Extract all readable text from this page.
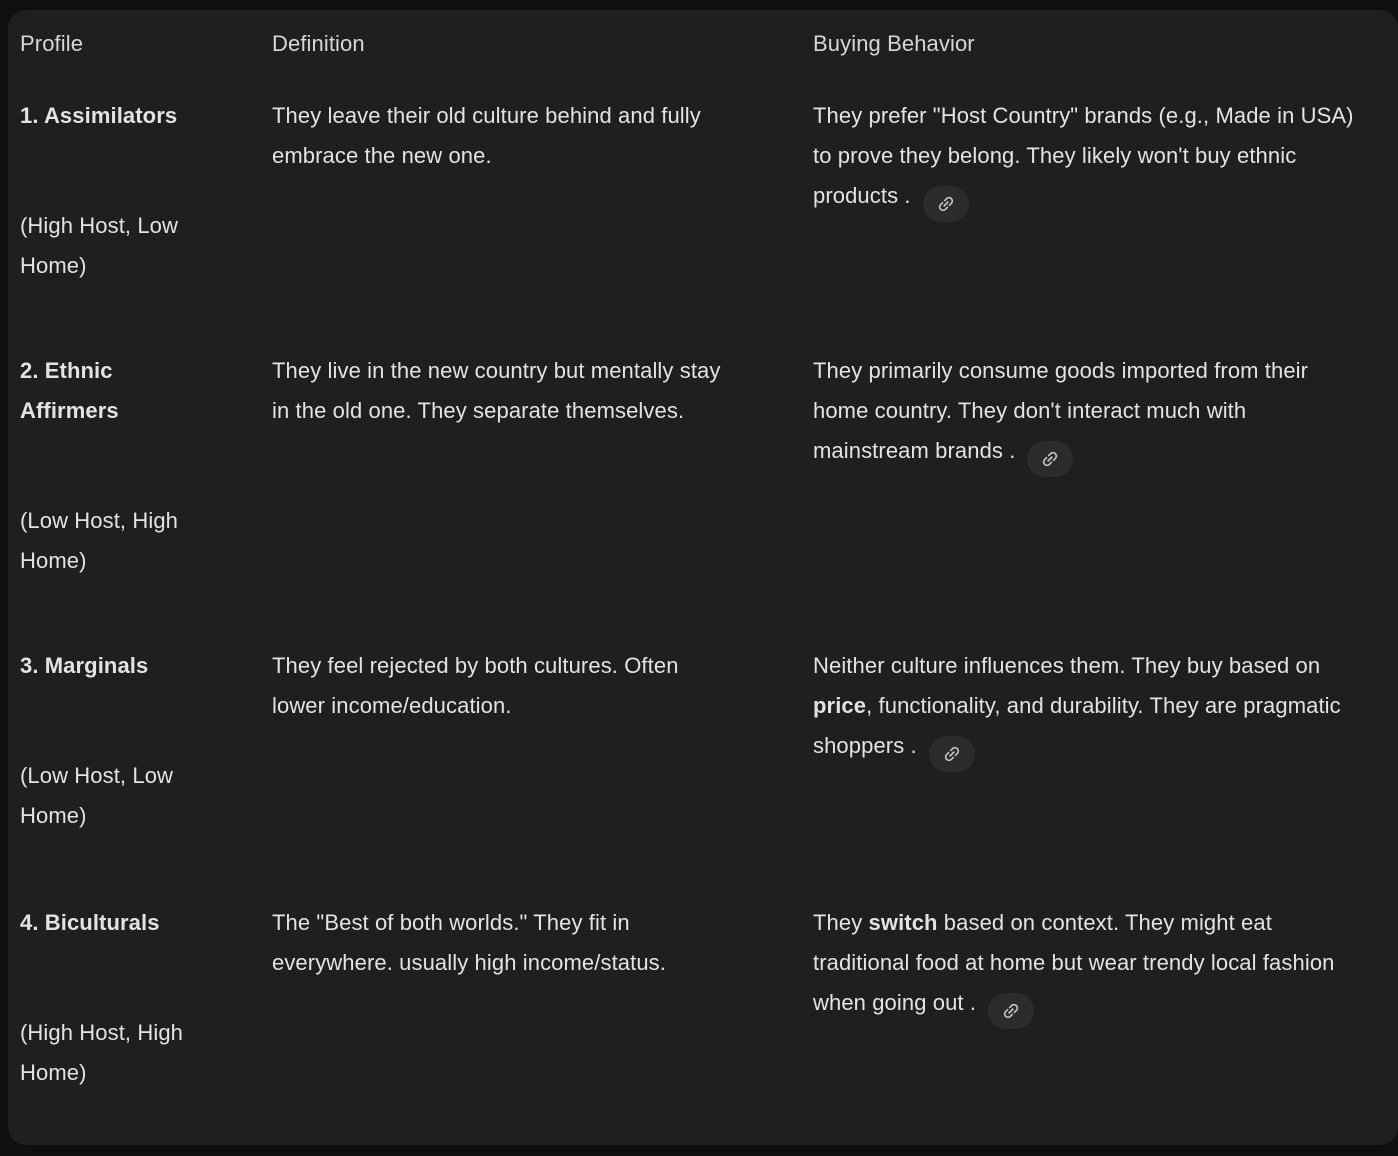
Profile	Definition	Buying Behavior
1. Assimilators
(High Host, Low Home)
They leave their old culture behind and fully embrace the new one.
They prefer "Host Country" brands (e.g., Made in USA) to prove they belong. They likely won't buy ethnic products .
2. Ethnic Affirmers
(Low Host, High Home)
They live in the new country but mentally stay in the old one. They separate themselves.
They primarily consume goods imported from their home country. They don't interact much with mainstream brands .
3. Marginals
(Low Host, Low Home)
They feel rejected by both cultures. Often lower income/education.
Neither culture influences them. They buy based on price, functionality, and durability. They are pragmatic shoppers .
4. Biculturals
(High Host, High Home)
The "Best of both worlds." They fit in everywhere. usually high income/status.
They switch based on context. They might eat traditional food at home but wear trendy local fashion when going out .
